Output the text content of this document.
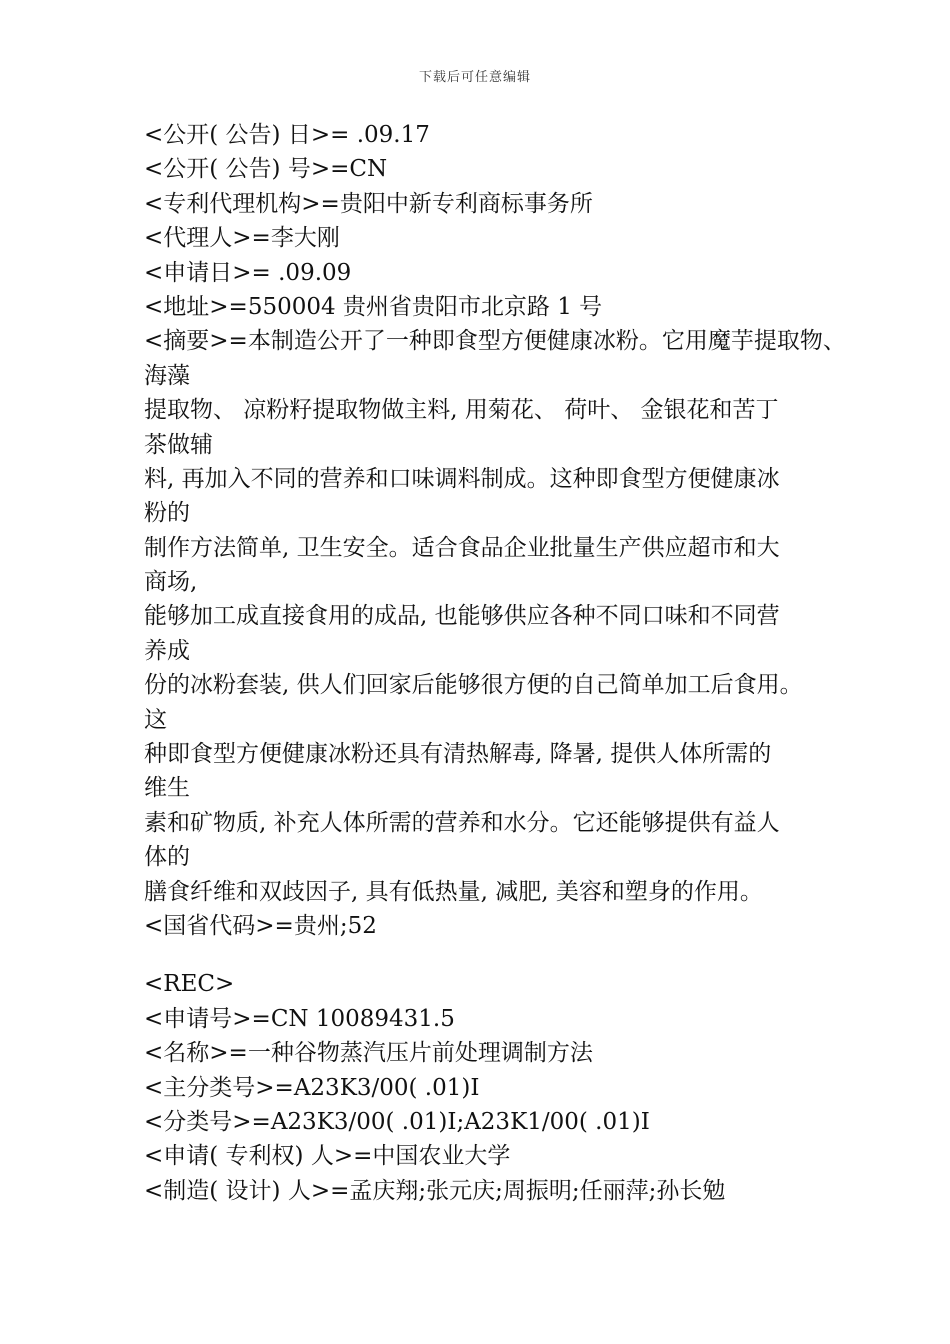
下载后可任意编辑
<公开( 公告) 日>= .09.17
<公开( 公告) 号>=CN
<专利代理机构>=贵阳中新专利商标事务所
<代理人>=李大刚
<申请日>= .09.09
<地址>=550004 贵州省贵阳市北京路 1 号
<摘要>=本制造公开了一种即食型方便健康冰粉。它用魔芋提取物、
海藻
提取物、 凉粉籽提取物做主料, 用菊花、 荷叶、 金银花和苦丁
茶做辅
料, 再加入不同的营养和口味调料制成。这种即食型方便健康冰
粉的
制作方法简单, 卫生安全。适合食品企业批量生产供应超市和大
商场,
能够加工成直接食用的成品, 也能够供应各种不同口味和不同营
养成
份的冰粉套装, 供人们回家后能够很方便的自己简单加工后食用。
这
种即食型方便健康冰粉还具有清热解毒, 降暑, 提供人体所需的
维生
素和矿物质, 补充人体所需的营养和水分。它还能够提供有益人
体的
膳食纤维和双歧因子, 具有低热量, 减肥, 美容和塑身的作用。
<国省代码>=贵州;52
<REC>
<申请号>=CN 10089431.5
<名称>=一种谷物蒸汽压片前处理调制方法
<主分类号>=A23K3/00( .01)I
<分类号>=A23K3/00( .01)I;A23K1/00( .01)I
<申请( 专利权) 人>=中国农业大学
<制造( 设计) 人>=孟庆翔;张元庆;周振明;任丽萍;孙长勉
